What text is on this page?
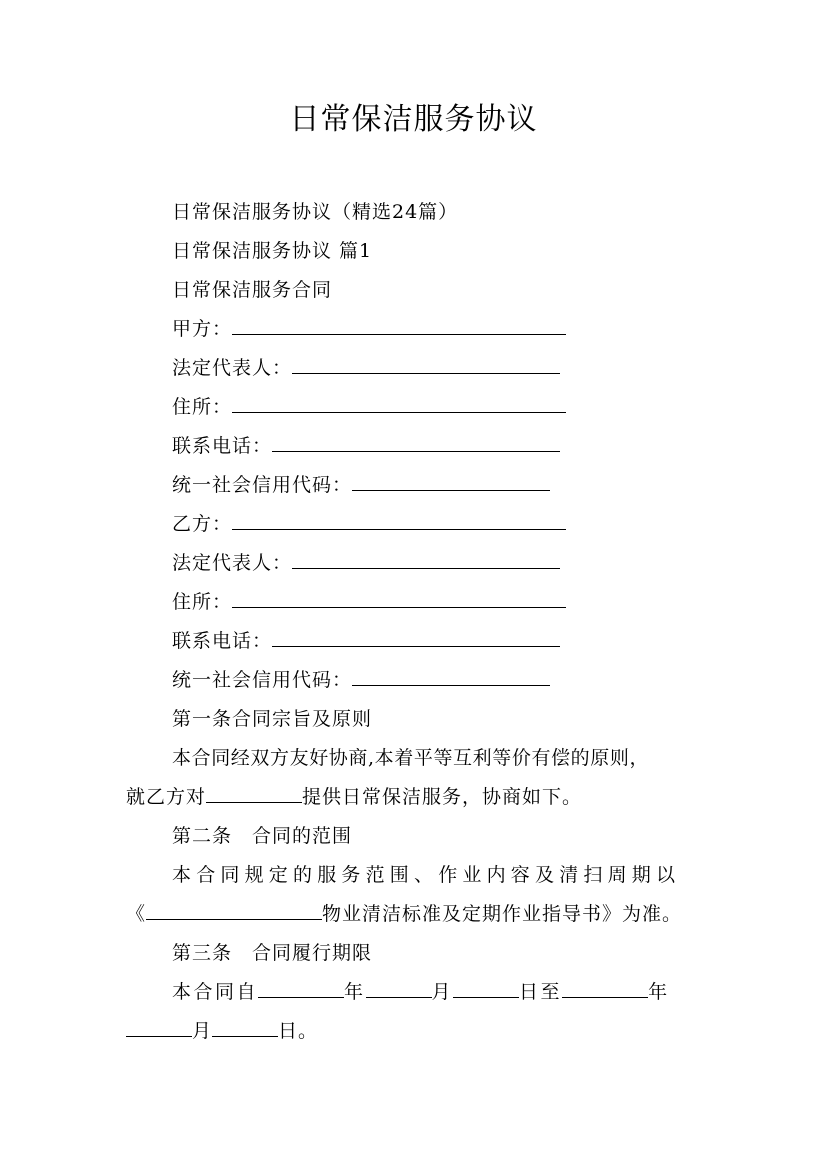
日常保洁服务协议
日常保洁服务协议（精选24篇）
日常保洁服务协议 篇1
日常保洁服务合同
甲方：
法定代表人：
住所：
联系电话：
统一社会信用代码：
乙方：
法定代表人：
住所：
联系电话：
统一社会信用代码：
第一条合同宗旨及原则
本合同经双方友好协商,本着平等互利等价有偿的原则，
就乙方对	提供日常保洁服务，协商如下。
第二条　合同的范围
本合同规定的服务范围、作业内容及清扫周期以
《	物业清洁标准及定期作业指导书》为准。
第三条　合同履行期限
本合同自	年	月	日至	年
月	日。
